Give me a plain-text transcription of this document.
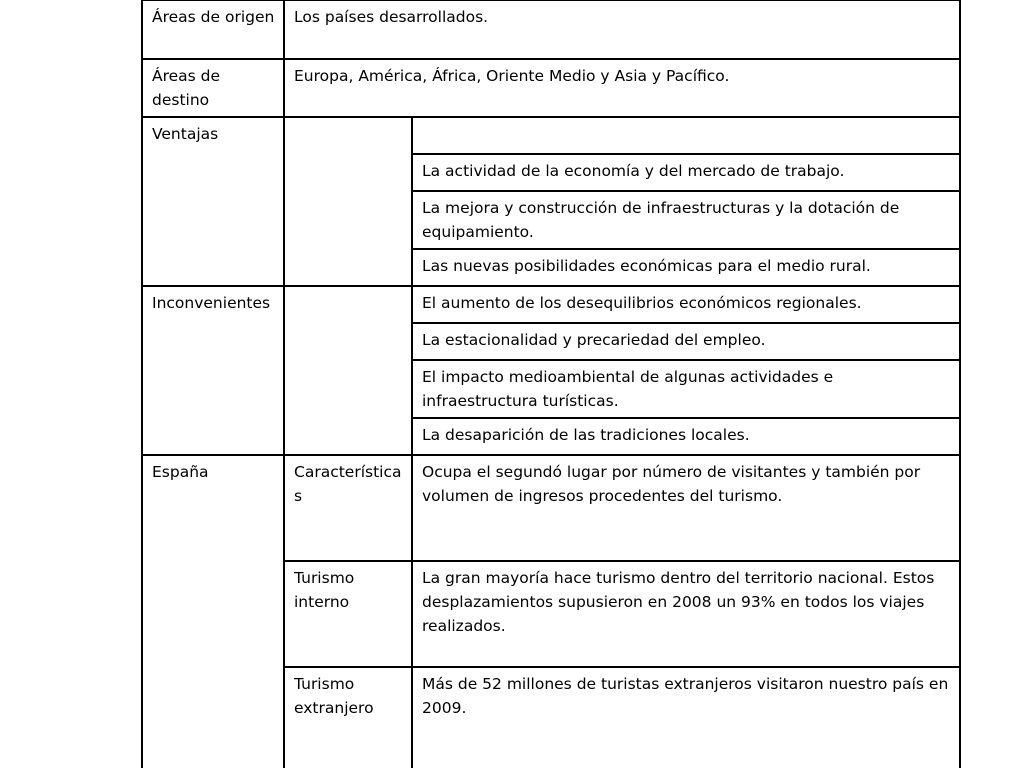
Áreas de origen	Los países desarrollados.	
Áreas de destino	Europa, América, África, Oriente Medio y Asia y Pacífico.	
Ventajas		
		La actividad de la economía y del mercado de trabajo.
		La mejora y construcción de infraestructuras y la dotación de equipamiento.
		Las nuevas posibilidades económicas para el medio rural.
Inconvenientes		El aumento de los desequilibrios económicos regionales.
		La estacionalidad y precariedad del empleo.
		El impacto medioambiental de algunas actividades e infraestructura turísticas.
		La desaparición de las tradiciones locales.
España	Características	Ocupa el segundó lugar por número de visitantes y también por volumen de ingresos procedentes del turismo.
	Turismo interno	La gran mayoría hace turismo dentro del territorio nacional. Estos desplazamientos supusieron en 2008 un 93% en todos los viajes realizados.
	Turismo extranjero	Más de 52 millones de turistas extranjeros visitaron nuestro país en 2009.
